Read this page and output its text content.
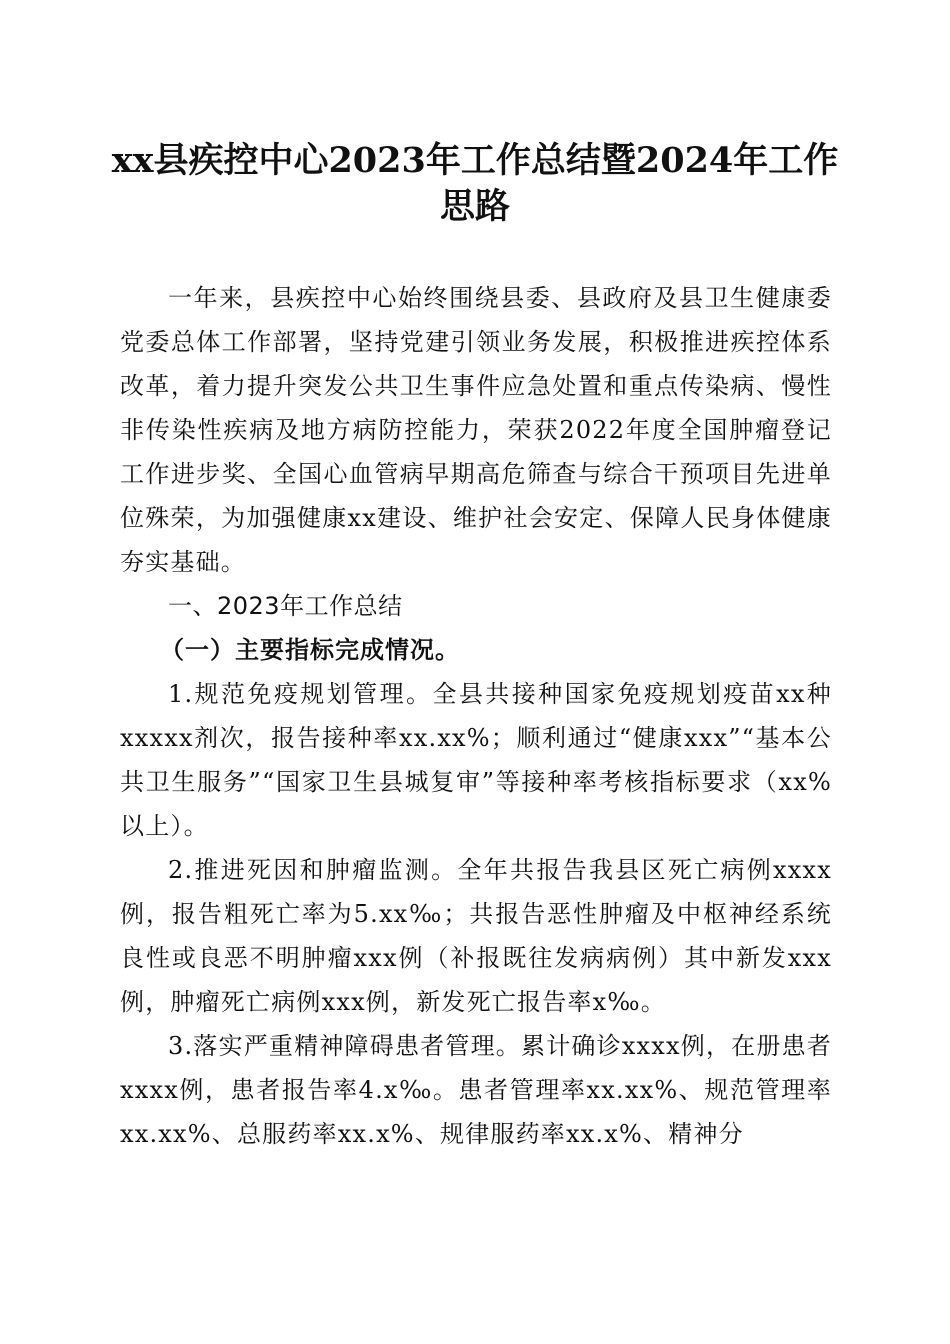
xx县疾控中心2023年工作总结暨2024年工作
思路

一年来，县疾控中心始终围绕县委、县政府及县卫生健康委党委总体工作部署，坚持党建引领业务发展，积极推进疾控体系改革，着力提升突发公共卫生事件应急处置和重点传染病、慢性非传染性疾病及地方病防控能力，荣获2022年度全国肿瘤登记工作进步奖、全国心血管病早期高危筛查与综合干预项目先进单位殊荣，为加强健康xx建设、维护社会安定、保障人民身体健康夯实基础。

一、2023年工作总结

（一）主要指标完成情况。

1.规范免疫规划管理。全县共接种国家免疫规划疫苗xx种xxxxx剂次，报告接种率xx.xx%；顺利通过“健康xxx”“基本公共卫生服务”“国家卫生县城复审”等接种率考核指标要求（xx%以上）。

2.推进死因和肿瘤监测。全年共报告我县区死亡病例xxxx例，报告粗死亡率为5.xx‰；共报告恶性肿瘤及中枢神经系统良性或良恶不明肿瘤xxx例（补报既往发病病例）其中新发xxx例，肿瘤死亡病例xxx例，新发死亡报告率x‰。

3.落实严重精神障碍患者管理。累计确诊xxxx例，在册患者xxxx例，患者报告率4.x‰。患者管理率xx.xx%、规范管理率xx.xx%、总服药率xx.x%、规律服药率xx.x%、精神分
